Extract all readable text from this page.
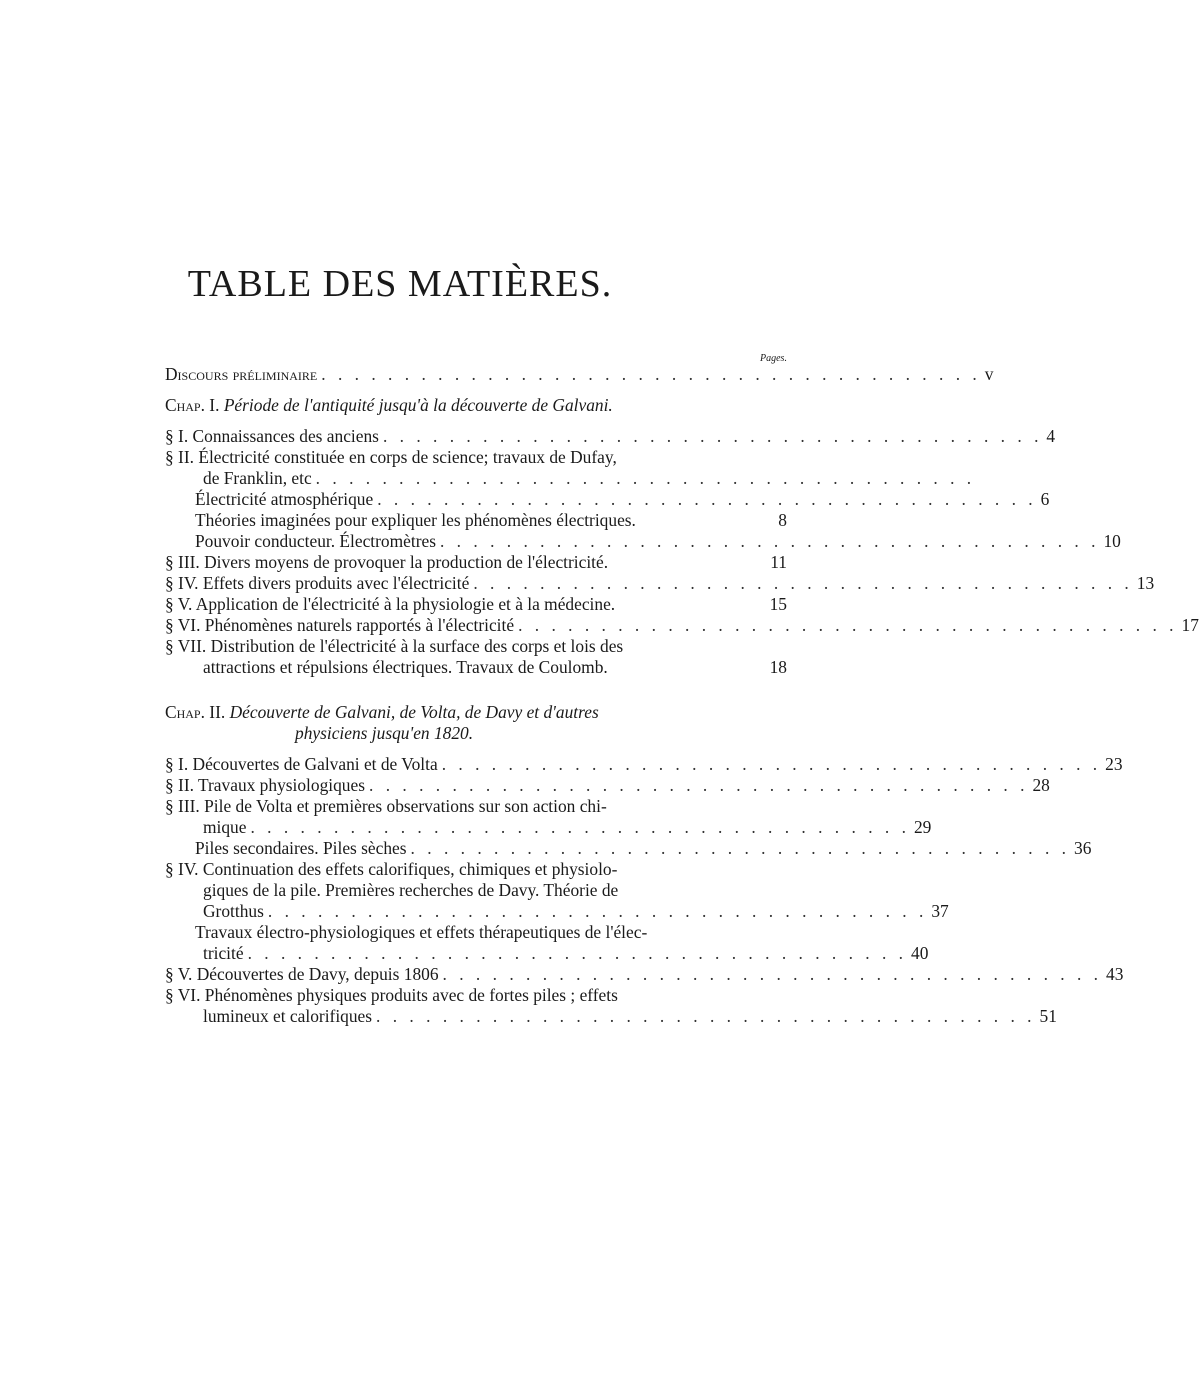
TABLE DES MATIÈRES.
Pages.
Discours préliminaire . . . . . . . . . . . . . . . . . . . . . . . . . . . . . . . . . . . . . . . . v
Chap. I. Période de l'antiquité jusqu'à la découverte de Galvani.
§ I. Connaissances des anciens . . . . . . . . . . . . . . . . . . . . . . . . . . . . . . . . . . . . . . . . 4
§ II. Électricité constituée en corps de science; travaux de Dufay,
de Franklin, etc . . . . . . . . . . . . . . . . . . . . . . . . . . . . . . . . . . . . . . . .
Électricité atmosphérique . . . . . . . . . . . . . . . . . . . . . . . . . . . . . . . . . . . . . . . . 6
Théories imaginées pour expliquer les phénomènes électriques.	8
Pouvoir conducteur. Électromètres . . . . . . . . . . . . . . . . . . . . . . . . . . . . . . . . . . . . . . . . 10
§ III. Divers moyens de provoquer la production de l'électricité.	11
§ IV. Effets divers produits avec l'électricité . . . . . . . . . . . . . . . . . . . . . . . . . . . . . . . . . . . . . . . . 13
§ V. Application de l'électricité à la physiologie et à la médecine.	15
§ VI. Phénomènes naturels rapportés à l'électricité . . . . . . . . . . . . . . . . . . . . . . . . . . . . . . . . . . . . . . . . 17
§ VII. Distribution de l'électricité à la surface des corps et lois des
attractions et répulsions électriques. Travaux de Coulomb.	18
Chap. II. Découverte de Galvani, de Volta, de Davy et d'autres
physiciens jusqu'en 1820.
§ I. Découvertes de Galvani et de Volta . . . . . . . . . . . . . . . . . . . . . . . . . . . . . . . . . . . . . . . . 23
§ II. Travaux physiologiques . . . . . . . . . . . . . . . . . . . . . . . . . . . . . . . . . . . . . . . . 28
§ III. Pile de Volta et premières observations sur son action chi-
mique . . . . . . . . . . . . . . . . . . . . . . . . . . . . . . . . . . . . . . . . 29
Piles secondaires. Piles sèches . . . . . . . . . . . . . . . . . . . . . . . . . . . . . . . . . . . . . . . . 36
§ IV. Continuation des effets calorifiques, chimiques et physiolo-
giques de la pile. Premières recherches de Davy. Théorie de
Grotthus . . . . . . . . . . . . . . . . . . . . . . . . . . . . . . . . . . . . . . . . 37
Travaux électro-physiologiques et effets thérapeutiques de l'élec-
tricité . . . . . . . . . . . . . . . . . . . . . . . . . . . . . . . . . . . . . . . . 40
§ V. Découvertes de Davy, depuis 1806 . . . . . . . . . . . . . . . . . . . . . . . . . . . . . . . . . . . . . . . . 43
§ VI. Phénomènes physiques produits avec de fortes piles ; effets
lumineux et calorifiques . . . . . . . . . . . . . . . . . . . . . . . . . . . . . . . . . . . . . . . . 51
